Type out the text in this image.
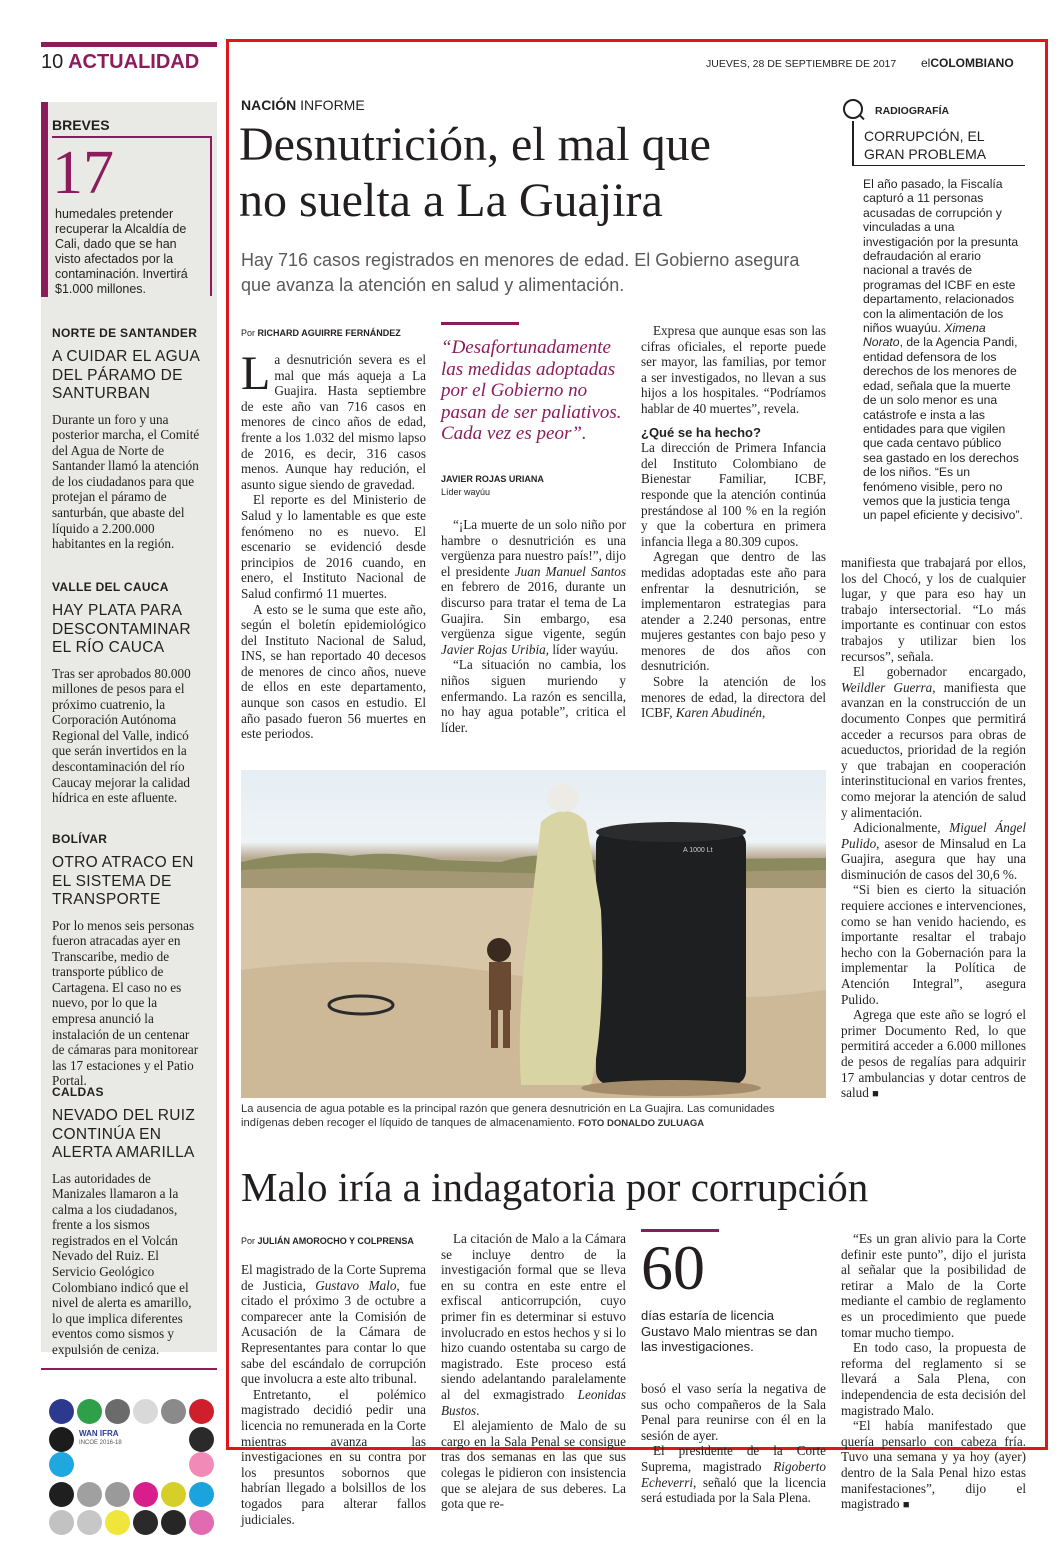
10 ACTUALIDAD	JUEVES, 28 DE SEPTIEMBRE DE 2017 elCOLOMBIANO
BREVES
17
humedales pretender recuperar la Alcaldía de Cali, dado que se han visto afectados por la contaminación. Invertirá $1.000 millones.
NORTE DE SANTANDER
A CUIDAR EL AGUA DEL PÁRAMO DE SANTURBAN
Durante un foro y una posterior marcha, el Comité del Agua de Norte de Santander llamó la atención de los ciudadanos para que protejan el páramo de santurbán, que abaste del líquido a 2.200.000 habitantes en la región.
VALLE DEL CAUCA
HAY PLATA PARA DESCONTAMINAR EL RÍO CAUCA
Tras ser aprobados 80.000 millones de pesos para el próximo cuatrenio, la Corporación Autónoma Regional del Valle, indicó que serán invertidos en la descontaminación del río Caucay mejorar la calidad hídrica en este afluente.
BOLÍVAR
OTRO ATRACO EN EL SISTEMA DE TRANSPORTE
Por lo menos seis personas fueron atracadas ayer en Transcaribe, medio de transporte público de Cartagena. El caso no es nuevo, por lo que la empresa anunció la instalación de un centenar de cámaras para monitorear las 17 estaciones y el Patio Portal.
CALDAS
NEVADO DEL RUIZ CONTINÚA EN ALERTA AMARILLA
Las autoridades de Manizales llamaron a la calma a los ciudadanos, frente a los sismos registrados en el Volcán Nevado del Ruiz. El Servicio Geológico Colombiano indicó que el nivel de alerta es amarillo, lo que implica diferentes eventos como sismos y expulsión de ceniza.
WAN IFRA
INCOE 2016-18
NACIÓN INFORME
Desnutrición, el mal que
no suelta a La Guajira
Hay 716 casos registrados en menores de edad. El Gobierno asegura que avanza la atención en salud y alimentación.
Por RICHARD AGUIRRE FERNÁNDEZ

La desnutrición severa es el mal que más aqueja a La Guajira. Hasta septiembre de este año van 716 casos en menores de cinco años de edad, frente a los 1.032 del mismo lapso de 2016, es decir, 316 casos menos. Aunque hay redución, el asunto sigue siendo de gravedad.

El reporte es del Ministerio de Salud y lo lamentable es que este fenómeno no es nuevo. El escenario se evidenció desde principios de 2016 cuando, en enero, el Instituto Nacional de Salud confirmó 11 muertes.

A esto se le suma que este año, según el boletín epidemiológico del Instituto Nacional de Salud, INS, se han reportado 40 decesos de menores de cinco años, nueve de ellos en este departamento, aunque son casos en estudio. El año pasado fueron 56 muertes en este periodos.

“Desafortunadamente las medidas adoptadas por el Gobierno no pasan de ser paliativos. Cada vez es peor”.
JAVIER ROJAS URIANA
Líder wayúu

“¡La muerte de un solo niño por hambre o desnutrición es una vergüenza para nuestro país!”, dijo el presidente Juan Manuel Santos en febrero de 2016, durante un discurso para tratar el tema de La Guajira. Sin embargo, esa vergüenza sigue vigente, según Javier Rojas Uribia, líder wayúu.

“La situación no cambia, los niños siguen muriendo y enfermando. La razón es sencilla, no hay agua potable”, critica el líder.

Expresa que aunque esas son las cifras oficiales, el reporte puede ser mayor, las familias, por temor a ser investigados, no llevan a sus hijos a los hospitales. “Podríamos hablar de 40 muertes”, revela.

¿Qué se ha hecho?

La dirección de Primera Infancia del Instituto Colombiano de Bienestar Familiar, ICBF, responde que la atención continúa prestándose al 100 % en la región y que la cobertura en primera infancia llega a 80.309 cupos.

Agregan que dentro de las medidas adoptadas este año para enfrentar la desnutrición, se implementaron estrategias para atender a 2.240 personas, entre mujeres gestantes con bajo peso y menores de dos años con desnutrición.

Sobre la atención de los menores de edad, la directora del ICBF, Karen Abudinén,

RADIOGRAFÍA
CORRUPCIÓN, EL GRAN PROBLEMA
El año pasado, la Fiscalía capturó a 11 personas acusadas de corrupción y vinculadas a una investigación por la presunta defraudación al erario nacional a través de programas del ICBF en este departamento, relacionados con la alimentación de los niños wuayúu. Ximena Norato, de la Agencia Pandi, entidad defensora de los derechos de los menores de edad, señala que la muerte de un solo menor es una catástrofe e insta a las entidades para que vigilen que cada centavo público sea gastado en los derechos de los niños. “Es un fenómeno visible, pero no vemos que la justicia tenga un papel eficiente y decisivo”.

manifiesta que trabajará por ellos, los del Chocó, y los de cualquier lugar, y que para eso hay un trabajo intersectorial. “Lo más importante es continuar con estos trabajos y utilizar bien los recursos”, señala.

El gobernador encargado, Weildler Guerra, manifiesta que avanzan en la construcción de un documento Conpes que permitirá acceder a recursos para obras de acueductos, prioridad de la región y que trabajan en cooperación interinstitucional en varios frentes, como mejorar la atención de salud y alimentación.

Adicionalmente, Miguel Ángel Pulido, asesor de Minsalud en La Guajira, asegura que hay una disminución de casos del 30,6 %.

“Si bien es cierto la situación requiere acciones e intervenciones, como se han venido haciendo, es importante resaltar el trabajo hecho con la Gobernación para la implementar la Política de Atención Integral”, asegura Pulido.

Agrega que este año se logró el primer Documento Red, lo que permitirá acceder a 6.000 millones de pesos de regalías para adquirir 17 ambulancias y dotar centros de salud ■

A 1000 Lt
La ausencia de agua potable es la principal razón que genera desnutrición en La Guajira. Las comunidades indígenas deben recoger el líquido de tanques de almacenamiento. FOTO DONALDO ZULUAGA
Malo iría a indagatoria por corrupción
Por JULIÁN AMOROCHO Y COLPRENSA

El magistrado de la Corte Suprema de Justicia, Gustavo Malo, fue citado el próximo 3 de octubre a comparecer ante la Comisión de Acusación de la Cámara de Representantes para contar lo que sabe del escándalo de corrupción que involucra a este alto tribunal.

Entretanto, el polémico magistrado decidió pedir una licencia no remunerada en la Corte mientras avanza las investigaciones en su contra por los presuntos sobornos que habrían llegado a bolsillos de los togados para alterar fallos judiciales.

La citación de Malo a la Cámara se incluye dentro de la investigación formal que se lleva en su contra en este entre el exfiscal anticorrupción, cuyo primer fin es determinar si estuvo involucrado en estos hechos y si lo hizo cuando ostentaba su cargo de magistrado. Este proceso está siendo adelantando paralelamente al del exmagistrado Leonidas Bustos.

El alejamiento de Malo de su cargo en la Sala Penal se consigue tras dos semanas en las que sus colegas le pidieron con insistencia que se alejara de sus deberes. La gota que re-

60
días estaría de licencia Gustavo Malo mientras se dan las investigaciones.

bosó el vaso sería la negativa de sus ocho compañeros de la Sala Penal para reunirse con él en la sesión de ayer.

El presidente de la Corte Suprema, magistrado Rigoberto Echeverri, señaló que la licencia será estudiada por la Sala Plena.

“Es un gran alivio para la Corte definir este punto”, dijo el jurista al señalar que la posibilidad de retirar a Malo de la Corte mediante el cambio de reglamento es un procedimiento que puede tomar mucho tiempo.

En todo caso, la propuesta de reforma del reglamento si se llevará a Sala Plena, con independencia de esta decisión del magistrado Malo.

“El había manifestado que quería pensarlo con cabeza fría. Tuvo una semana y ya hoy (ayer) dentro de la Sala Penal hizo estas manifestaciones”, dijo el magistrado ■
